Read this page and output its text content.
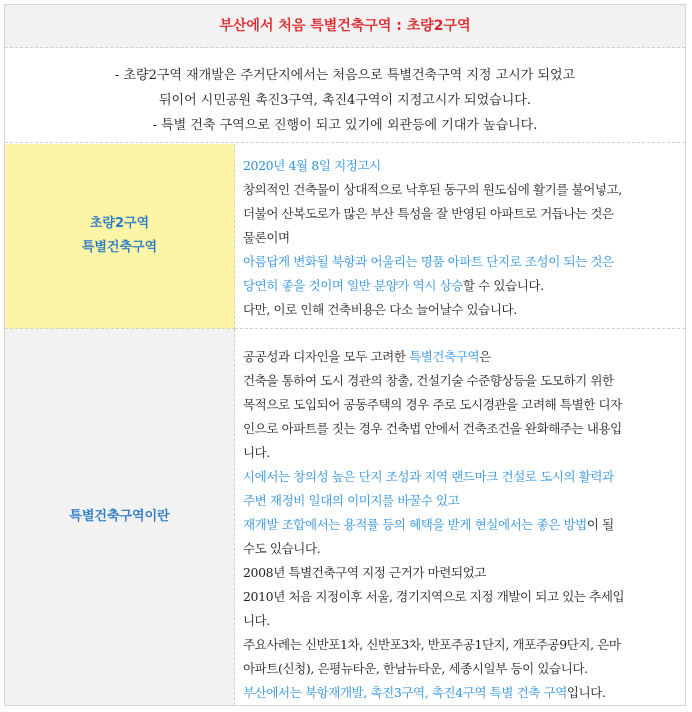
부산에서 처음 특별건축구역 : 초량2구역
- 초량2구역 재개발은 주거단지에서는 처음으로 특별건축구역 지정 고시가 되었고
뒤이어 시민공원 촉진3구역, 촉진4구역이 지정고시가 되었습니다.
- 특별 건축 구역으로 진행이 되고 있기에 외관등에 기대가 높습니다.
초량2구역
특별건축구역
2020년 4월 8일 지정고시
창의적인 건축물이 상대적으로 낙후된 동구의 원도심에 활기를 불어넣고,
더불어 산복도로가 많은 부산 특성을 잘 반영된 아파트로 거듭나는 것은
물론이며
아름답게 변화될 북항과 어울리는 명품 아파트 단지로 조성이 되는 것은
당연히 좋을 것이며 일반 분양가 역시 상승할 수 있습니다.
다만, 이로 인해 건축비용은 다소 늘어날수 있습니다.
특별건축구역이란
공공성과 디자인을 모두 고려한 특별건축구역은
건축을 통하여 도시 경관의 창출, 건설기술 수준향상등을 도모하기 위한
목적으로 도입되어 공동주택의 경우 주로 도시경관을 고려해 특별한 디자
인으로 아파트를 짓는 경우 건축법 안에서 건축조건을 완화해주는 내용입
니다.
시에서는 창의성 높은 단지 조성과 지역 랜드마크 건설로 도시의 활력과
주변 재정비 일대의 이미지를 바꿀수 있고
재개발 조합에서는 용적률 등의 혜택을 받게 현실에서는 좋은 방법이 될
수도 있습니다.
2008년 특별건축구역 지정 근거가 마련되었고
2010년 처음 지정이후 서울, 경기지역으로 지정 개발이 되고 있는 추세입
니다.
주요사례는 신반포1차, 신반포3차, 반포주공1단지, 개포주공9단지, 은마
아파트(신청), 은평뉴타운, 한남뉴타운, 세종시일부 등이 있습니다.
부산에서는 북항재개발, 촉진3구역, 촉진4구역 특별 건축 구역입니다.
